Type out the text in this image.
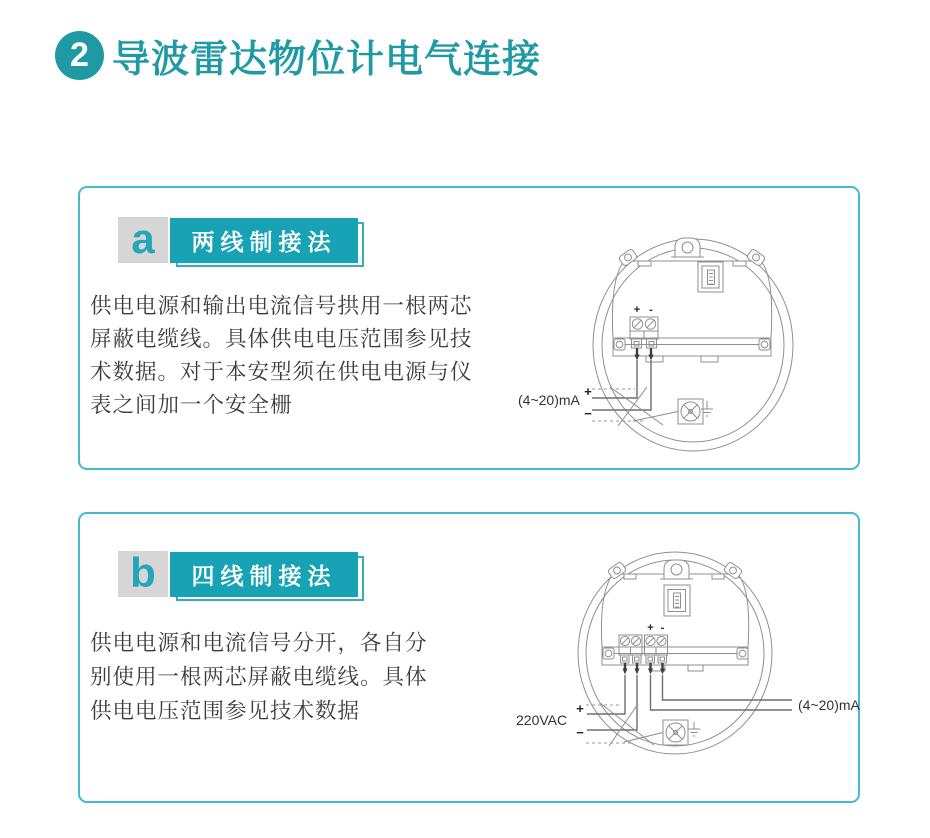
2 导波雷达物位计电气连接
a	两线制接法
供电电源和输出电流信号拱用一根两芯
屏蔽电缆线。具体供电电压范围参见技
术数据。对于本安型须在供电电源与仪
表之间加一个安全栅
+ -
(4~20)mA
+
−
b	四线制接法
供电电源和电流信号分开，各自分
别使用一根两芯屏蔽电缆线。具体
供电电压范围参见技术数据
+ -
220VAC
+
−
(4~20)mA
